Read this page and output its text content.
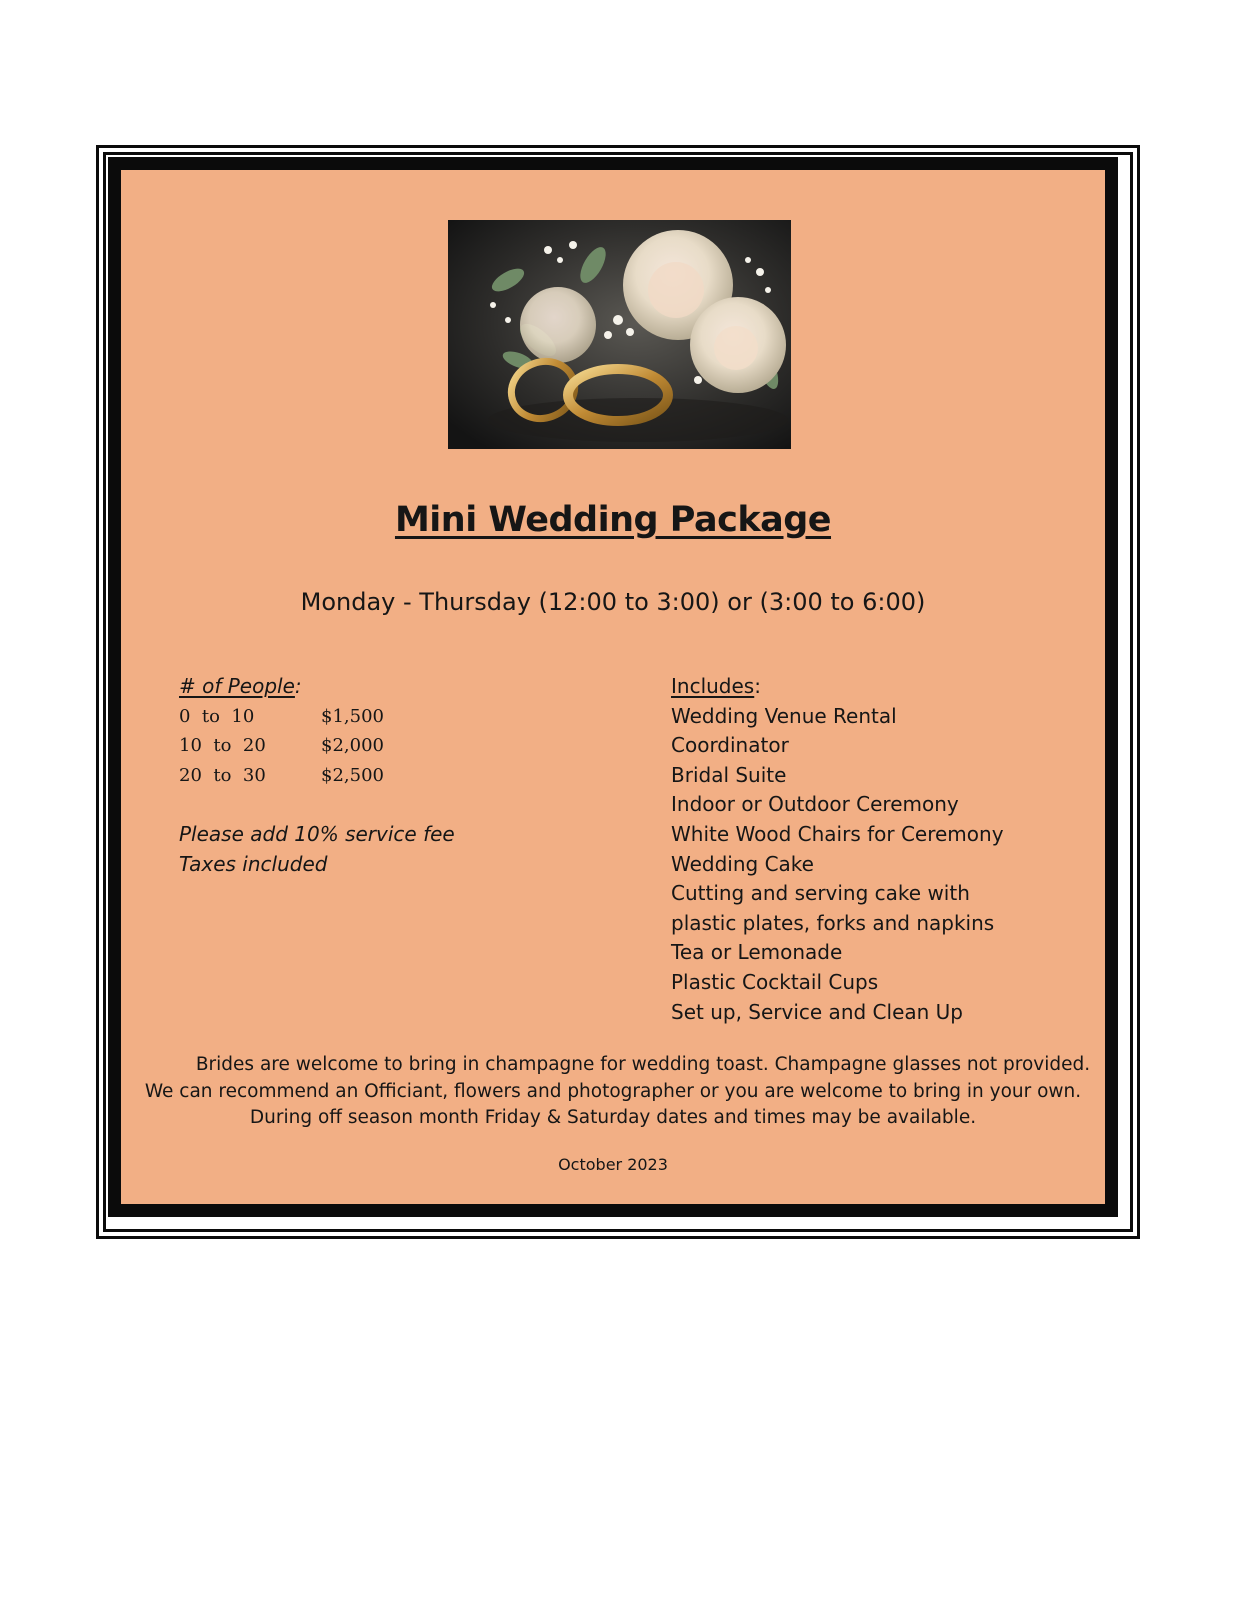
Mini Wedding Package
Monday - Thursday (12:00 to 3:00) or (3:00 to 6:00)
# of People:
0  to  10	$1,500
10  to  20	$2,000
20  to  30	$2,500
Please add 10% service fee
Taxes included
Includes:
Wedding Venue Rental
Coordinator
Bridal Suite
Indoor or Outdoor Ceremony
White Wood Chairs for Ceremony
Wedding Cake
Cutting and serving cake with
plastic plates, forks and napkins
Tea or Lemonade
Plastic Cocktail Cups
Set up, Service and Clean Up
Brides are welcome to bring in champagne for wedding toast. Champagne glasses not provided.
We can recommend an Officiant, flowers and photographer or you are welcome to bring in your own.
During off season month Friday & Saturday dates and times may be available.
October 2023
